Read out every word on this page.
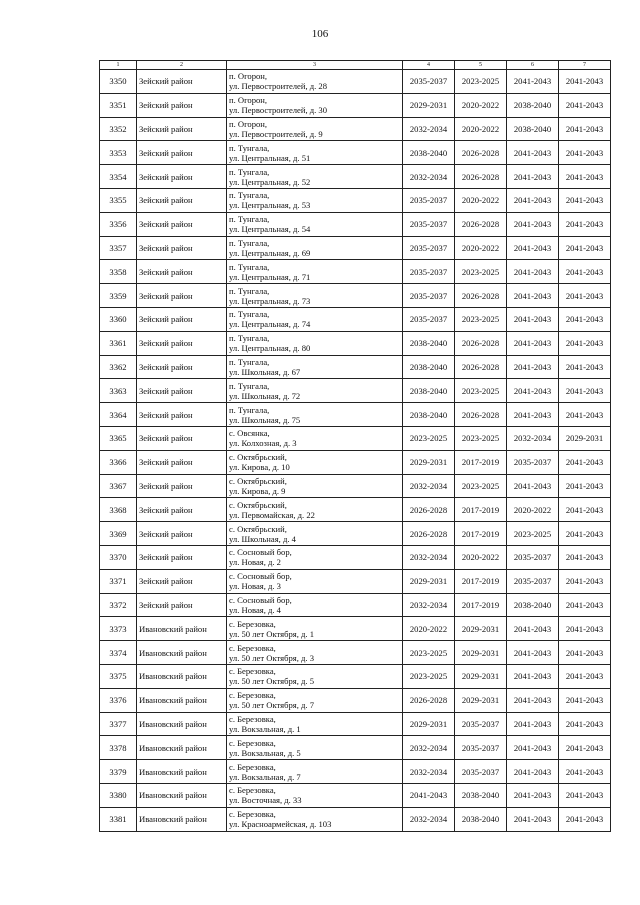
106
1	2	3	4	5	6	7
3350	Зейский район	п. Огорон,
ул. Первостроителей, д. 28	2035-2037	2023-2025	2041-2043	2041-2043
3351	Зейский район	п. Огорон,
ул. Первостроителей, д. 30	2029-2031	2020-2022	2038-2040	2041-2043
3352	Зейский район	п. Огорон,
ул. Первостроителей, д. 9	2032-2034	2020-2022	2038-2040	2041-2043
3353	Зейский район	п. Тунгала,
ул. Центральная, д. 51	2038-2040	2026-2028	2041-2043	2041-2043
3354	Зейский район	п. Тунгала,
ул. Центральная, д. 52	2032-2034	2026-2028	2041-2043	2041-2043
3355	Зейский район	п. Тунгала,
ул. Центральная, д. 53	2035-2037	2020-2022	2041-2043	2041-2043
3356	Зейский район	п. Тунгала,
ул. Центральная, д. 54	2035-2037	2026-2028	2041-2043	2041-2043
3357	Зейский район	п. Тунгала,
ул. Центральная, д. 69	2035-2037	2020-2022	2041-2043	2041-2043
3358	Зейский район	п. Тунгала,
ул. Центральная, д. 71	2035-2037	2023-2025	2041-2043	2041-2043
3359	Зейский район	п. Тунгала,
ул. Центральная, д. 73	2035-2037	2026-2028	2041-2043	2041-2043
3360	Зейский район	п. Тунгала,
ул. Центральная, д. 74	2035-2037	2023-2025	2041-2043	2041-2043
3361	Зейский район	п. Тунгала,
ул. Центральная, д. 80	2038-2040	2026-2028	2041-2043	2041-2043
3362	Зейский район	п. Тунгала,
ул. Школьная, д. 67	2038-2040	2026-2028	2041-2043	2041-2043
3363	Зейский район	п. Тунгала,
ул. Школьная, д. 72	2038-2040	2023-2025	2041-2043	2041-2043
3364	Зейский район	п. Тунгала,
ул. Школьная, д. 75	2038-2040	2026-2028	2041-2043	2041-2043
3365	Зейский район	с. Овсянка,
ул. Колхозная, д. 3	2023-2025	2023-2025	2032-2034	2029-2031
3366	Зейский район	с. Октябрьский,
ул. Кирова, д. 10	2029-2031	2017-2019	2035-2037	2041-2043
3367	Зейский район	с. Октябрьский,
ул. Кирова, д. 9	2032-2034	2023-2025	2041-2043	2041-2043
3368	Зейский район	с. Октябрьский,
ул. Первомайская, д. 22	2026-2028	2017-2019	2020-2022	2041-2043
3369	Зейский район	с. Октябрьский,
ул. Школьная, д. 4	2026-2028	2017-2019	2023-2025	2041-2043
3370	Зейский район	с. Сосновый бор,
ул. Новая, д. 2	2032-2034	2020-2022	2035-2037	2041-2043
3371	Зейский район	с. Сосновый бор,
ул. Новая, д. 3	2029-2031	2017-2019	2035-2037	2041-2043
3372	Зейский район	с. Сосновый бор,
ул. Новая, д. 4	2032-2034	2017-2019	2038-2040	2041-2043
3373	Ивановский район	с. Березовка,
ул. 50 лет Октября, д. 1	2020-2022	2029-2031	2041-2043	2041-2043
3374	Ивановский район	с. Березовка,
ул. 50 лет Октября, д. 3	2023-2025	2029-2031	2041-2043	2041-2043
3375	Ивановский район	с. Березовка,
ул. 50 лет Октября, д. 5	2023-2025	2029-2031	2041-2043	2041-2043
3376	Ивановский район	с. Березовка,
ул. 50 лет Октября, д. 7	2026-2028	2029-2031	2041-2043	2041-2043
3377	Ивановский район	с. Березовка,
ул. Вокзальная, д. 1	2029-2031	2035-2037	2041-2043	2041-2043
3378	Ивановский район	с. Березовка,
ул. Вокзальная, д. 5	2032-2034	2035-2037	2041-2043	2041-2043
3379	Ивановский район	с. Березовка,
ул. Вокзальная, д. 7	2032-2034	2035-2037	2041-2043	2041-2043
3380	Ивановский район	с. Березовка,
ул. Восточная, д. 33	2041-2043	2038-2040	2041-2043	2041-2043
3381	Ивановский район	с. Березовка,
ул. Красноармейская, д. 103	2032-2034	2038-2040	2041-2043	2041-2043
